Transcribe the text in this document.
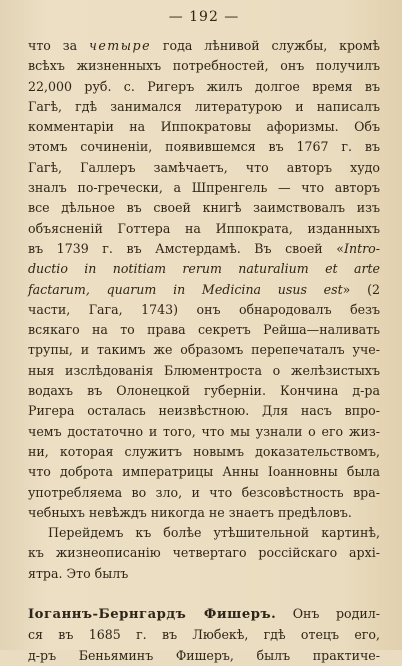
— 192 —

что за четыре года лѣнивой службы, кромѣ
всѣхъ жизненныхъ потребностей, онъ получилъ
22,000 руб. с. Ригеръ жилъ долгое время въ
Гагѣ, гдѣ занимался литературою и написалъ
комментаріи на Иппократовы афоризмы. Объ
этомъ сочиненіи, появившемся въ 1767 г. въ
Гагѣ, Галлеръ замѣчаетъ, что авторъ худо
зналъ по-гречески, а Шпренгель — что авторъ
все дѣльное въ своей книгѣ заимствовалъ изъ
объясненій Готтера на Иппократа, изданныхъ
въ 1739 г. въ Амстердамѣ. Въ своей «Intro-
ductio in notitiam rerum naturalium et arte
factarum, quarum in Medicina usus est» (2
части, Гага, 1743) онъ обнародовалъ безъ
всякаго на то права секретъ Рейша—наливать
трупы, и такимъ же образомъ перепечаталъ уче-
ныя изслѣдованія Блюментроста о желѣзистыхъ
водахъ въ Олонецкой губерніи. Кончина д-ра
Ригера осталась неизвѣстною. Для насъ впро-
чемъ достаточно и того, что мы узнали о его жиз-
ни, которая служитъ новымъ доказательствомъ,
что доброта императрицы Анны Іоанновны была
употребляема во зло, и что безсовѣстность вра-
чебныхъ невѣждъ никогда не знаетъ предѣловъ.

Перейдемъ къ болѣе утѣшительной картинѣ,
къ жизнеописанію четвертаго россійскаго архі-
ятра. Это былъ

Іоганнъ-Бернгардъ Фишеръ. Онъ родил-
ся въ 1685 г. въ Любекѣ, гдѣ отецъ его,
д-ръ Беньяминъ Фишеръ, былъ практиче-
